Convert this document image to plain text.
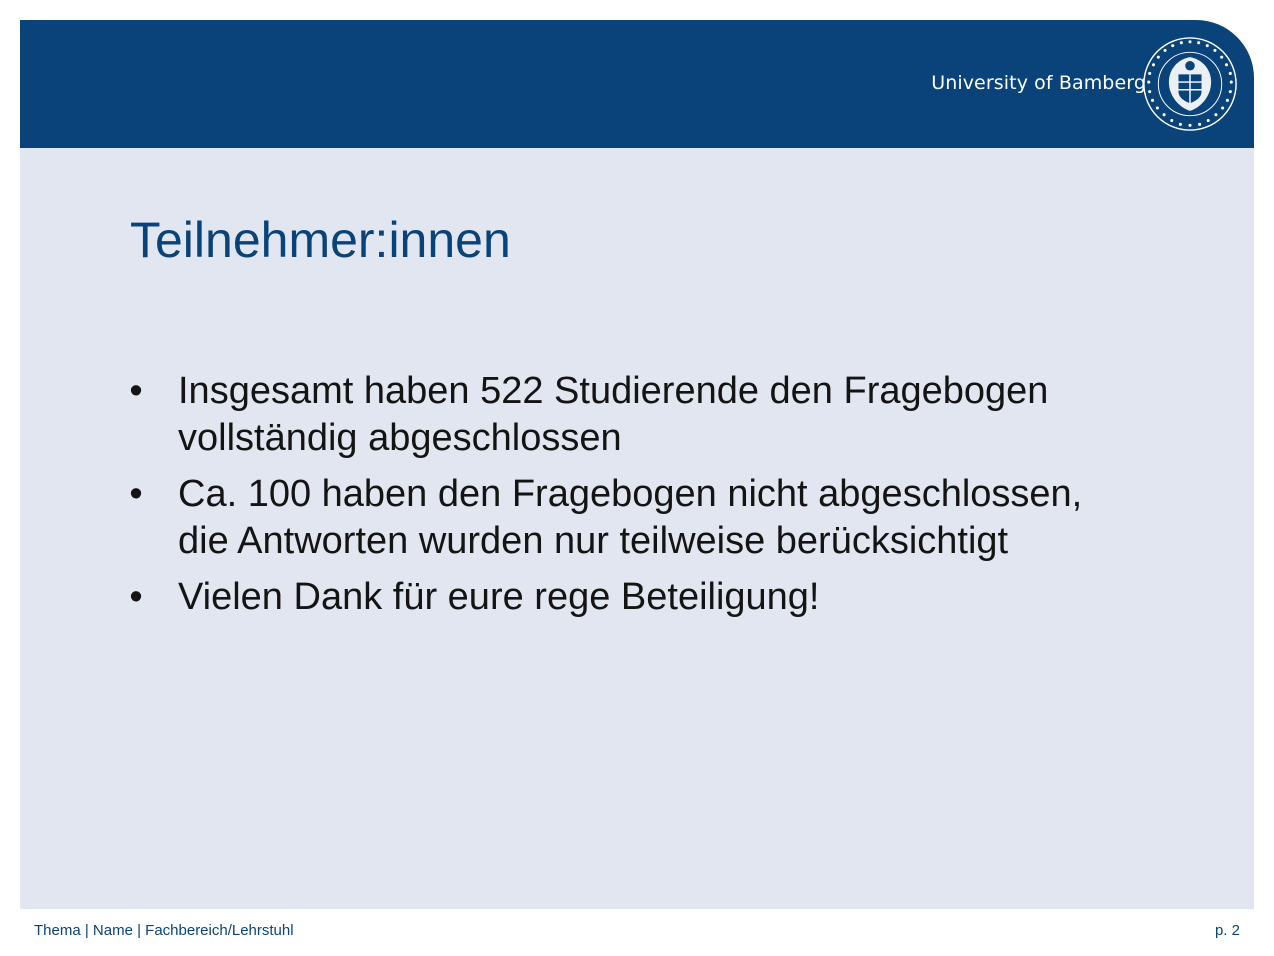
University of Bamberg
Teilnehmer:innen
• Insgesamt haben 522 Studierende den Fragebogen vollständig abgeschlossen
• Ca. 100 haben den Fragebogen nicht abgeschlossen, die Antworten wurden nur teilweise berücksichtigt
• Vielen Dank für eure rege Beteiligung!
Thema | Name | Fachbereich/Lehrstuhl	p. 2
